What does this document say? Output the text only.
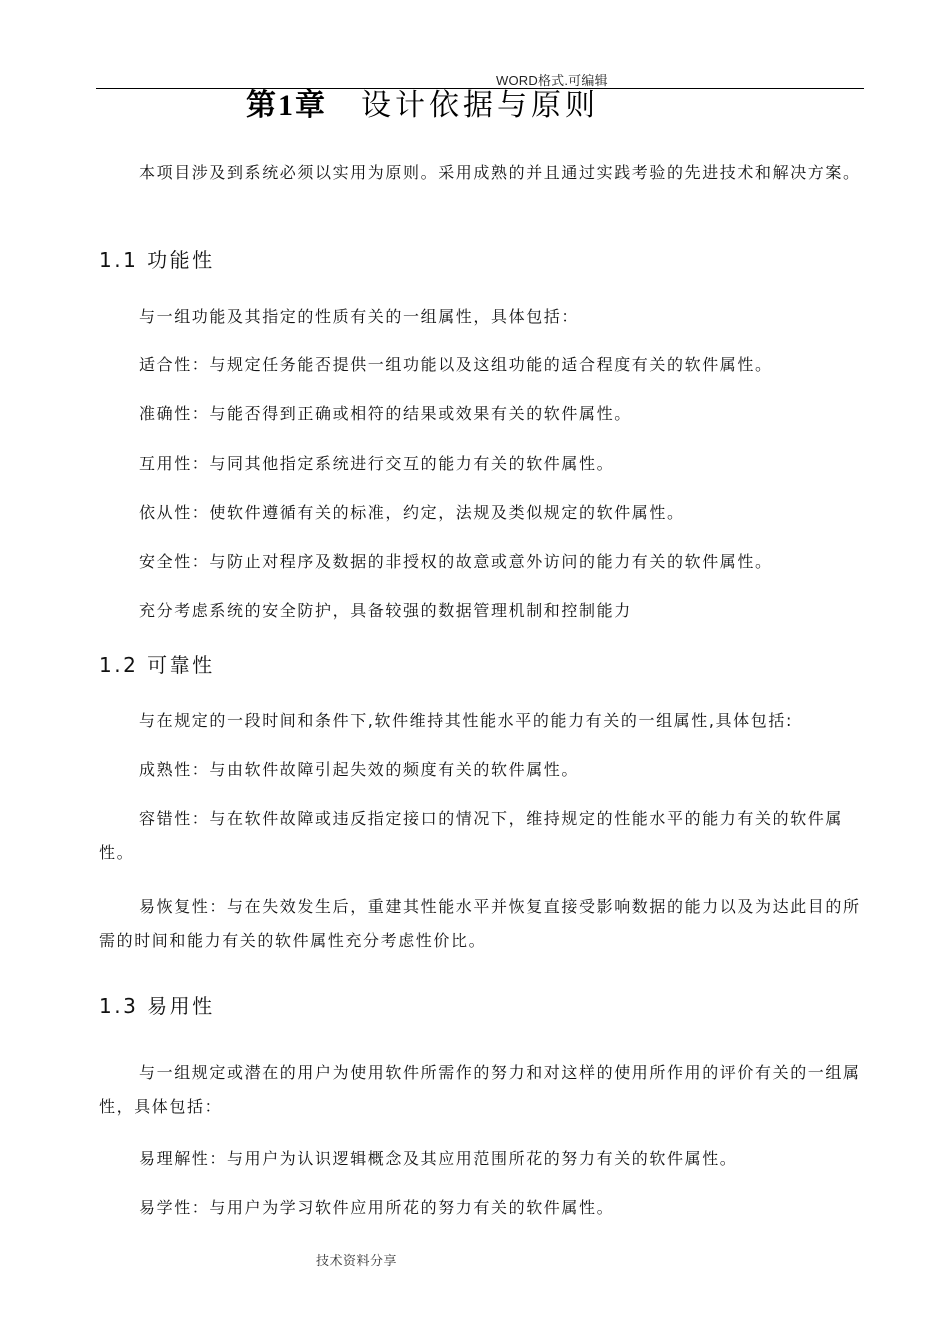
WORD格式.可编辑
第1章 设计依据与原则

本项目涉及到系统必须以实用为原则。采用成熟的并且通过实践考验的先进技术和解决方案。

1.1 功能性

与一组功能及其指定的性质有关的一组属性，具体包括：

适合性：与规定任务能否提供一组功能以及这组功能的适合程度有关的软件属性。

准确性：与能否得到正确或相符的结果或效果有关的软件属性。

互用性：与同其他指定系统进行交互的能力有关的软件属性。

依从性：使软件遵循有关的标准，约定，法规及类似规定的软件属性。

安全性：与防止对程序及数据的非授权的故意或意外访问的能力有关的软件属性。

充分考虑系统的安全防护，具备较强的数据管理机制和控制能力

1.2 可靠性

与在规定的一段时间和条件下,软件维持其性能水平的能力有关的一组属性,具体包括:

成熟性：与由软件故障引起失效的频度有关的软件属性。

容错性：与在软件故障或违反指定接口的情况下，维持规定的性能水平的能力有关的软件属性。

易恢复性：与在失效发生后，重建其性能水平并恢复直接受影响数据的能力以及为达此目的所需的时间和能力有关的软件属性充分考虑性价比。

1.3 易用性

与一组规定或潜在的用户为使用软件所需作的努力和对这样的使用所作用的评价有关的一组属性，具体包括：

易理解性：与用户为认识逻辑概念及其应用范围所花的努力有关的软件属性。

易学性：与用户为学习软件应用所花的努力有关的软件属性。

技术资料分享
